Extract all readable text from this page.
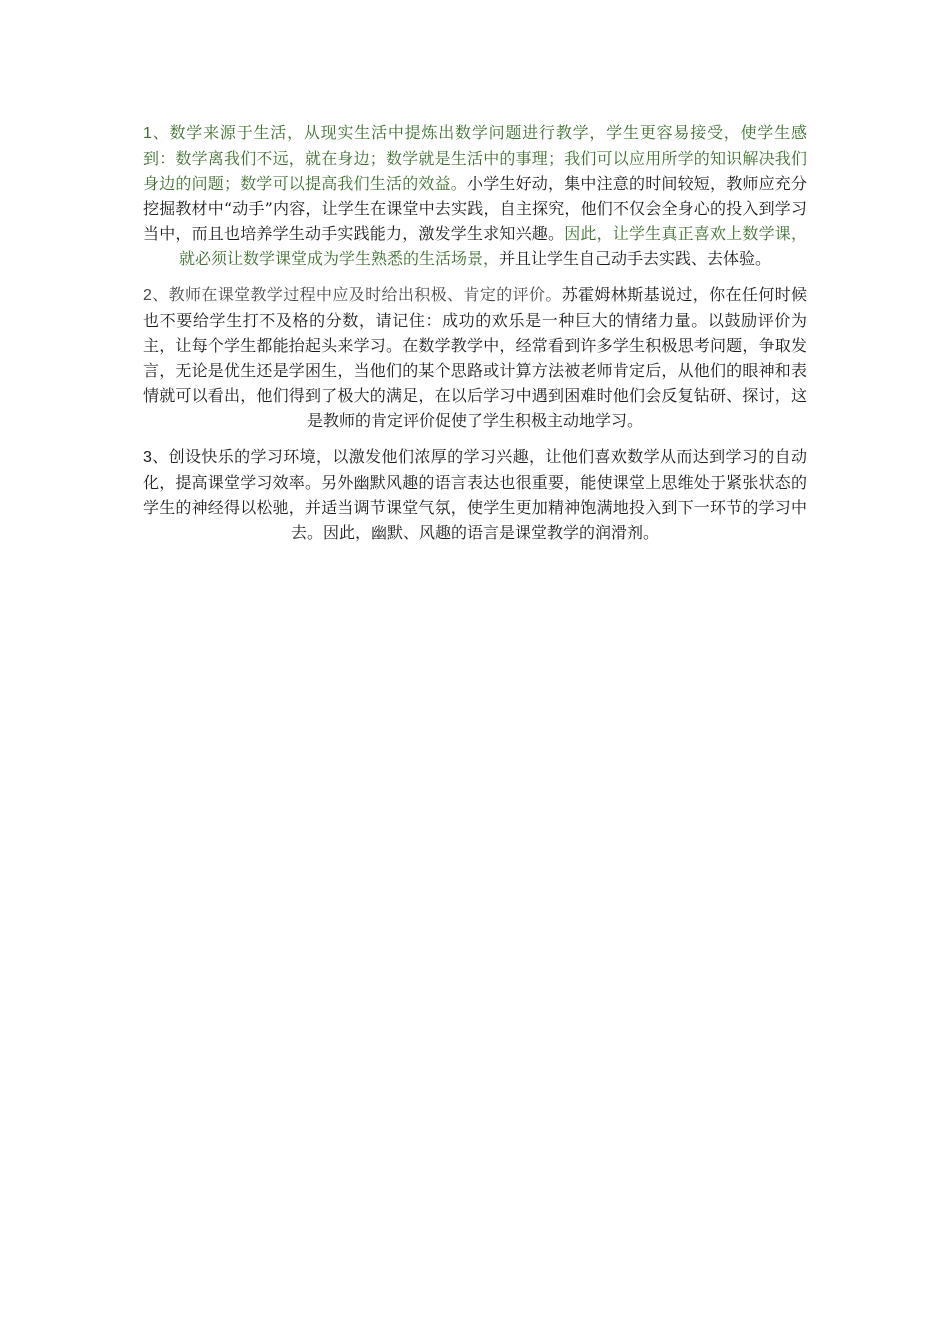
1、数学来源于生活，从现实生活中提炼出数学问题进行教学，学生更容易接受，使学生感到：数学离我们不远，就在身边；数学就是生活中的事理；我们可以应用所学的知识解决我们身边的问题；数学可以提高我们生活的效益。小学生好动，集中注意的时间较短，教师应充分挖掘教材中“动手”内容，让学生在课堂中去实践，自主探究，他们不仅会全身心的投入到学习当中，而且也培养学生动手实践能力，激发学生求知兴趣。因此，让学生真正喜欢上数学课，就必须让数学课堂成为学生熟悉的生活场景，并且让学生自己动手去实践、去体验。

2、教师在课堂教学过程中应及时给出积极、肯定的评价。苏霍姆林斯基说过，你在任何时候也不要给学生打不及格的分数，请记住：成功的欢乐是一种巨大的情绪力量。以鼓励评价为主，让每个学生都能抬起头来学习。在数学教学中，经常看到许多学生积极思考问题，争取发言，无论是优生还是学困生，当他们的某个思路或计算方法被老师肯定后，从他们的眼神和表情就可以看出，他们得到了极大的满足，在以后学习中遇到困难时他们会反复钻研、探讨，这是教师的肯定评价促使了学生积极主动地学习。

3、创设快乐的学习环境，以激发他们浓厚的学习兴趣，让他们喜欢数学从而达到学习的自动化，提高课堂学习效率。另外幽默风趣的语言表达也很重要，能使课堂上思维处于紧张状态的学生的神经得以松驰，并适当调节课堂气氛，使学生更加精神饱满地投入到下一环节的学习中去。因此，幽默、风趣的语言是课堂教学的润滑剂。
